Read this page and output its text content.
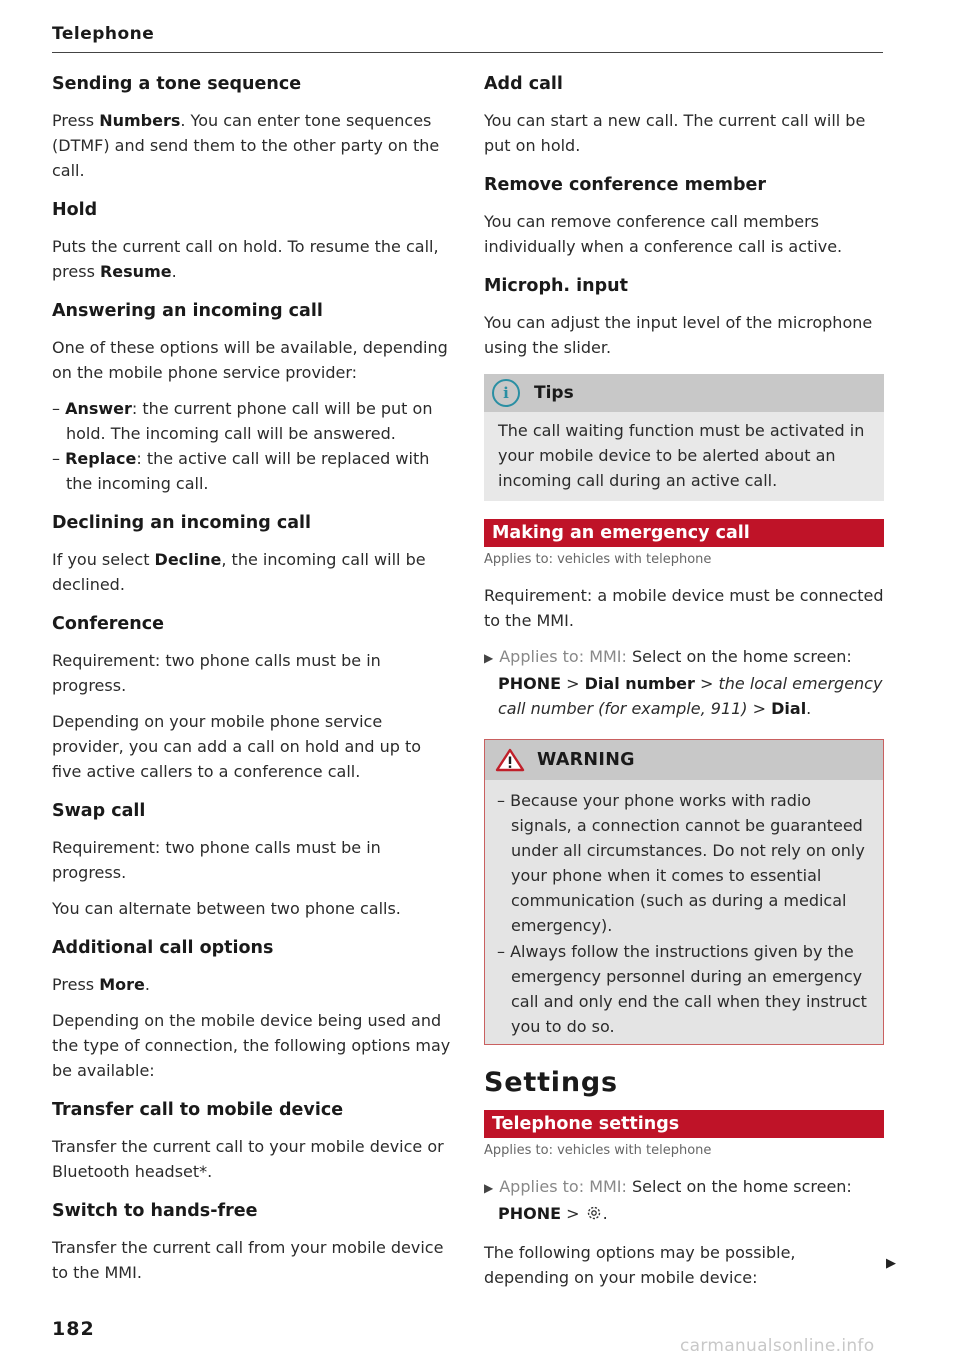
Telephone
Sending a tone sequence

Press Numbers. You can enter tone sequences (DTMF) and send them to the other party on the call.

Hold

Puts the current call on hold. To resume the call, press Resume.

Answering an incoming call

One of these options will be available, depending on the mobile phone service provider:

– Answer: the current phone call will be put on hold. The incoming call will be answered.
– Replace: the active call will be replaced with the incoming call.
Declining an incoming call

If you select Decline, the incoming call will be declined.

Conference

Requirement: two phone calls must be in progress.

Depending on your mobile phone service provider, you can add a call on hold and up to five active callers to a conference call.

Swap call

Requirement: two phone calls must be in progress.

You can alternate between two phone calls.

Additional call options

Press More.

Depending on the mobile device being used and the type of connection, the following options may be available:

Transfer call to mobile device

Transfer the current call to your mobile device or Bluetooth headset*.

Switch to hands-free

Transfer the current call from your mobile device to the MMI.

Add call

You can start a new call. The current call will be put on hold.

Remove conference member

You can remove conference call members individually when a conference call is active.

Microph. input

You can adjust the input level of the microphone using the slider.

i	Tips

The call waiting function must be activated in your mobile device to be alerted about an incoming call during an active call.

Making an emergency call
Applies to: vehicles with telephone

Requirement: a mobile device must be connected to the MMI.

▶ Applies to: MMI: Select on the home screen: PHONE > Dial number > the local emergency call number (for example, 911) > Dial.
WARNING
– Because your phone works with radio signals, a connection cannot be guaranteed under all circumstances. Do not rely on only your phone when it comes to essential communication (such as during a medical emergency).
– Always follow the instructions given by the emergency personnel during an emergency call and only end the call when they instruct you to do so.
Settings
Telephone settings
Applies to: vehicles with telephone
▶ Applies to: MMI: Select on the home screen: PHONE > .

The following options may be possible, depending on your mobile device:

▶
182
carmanualsonline.info
